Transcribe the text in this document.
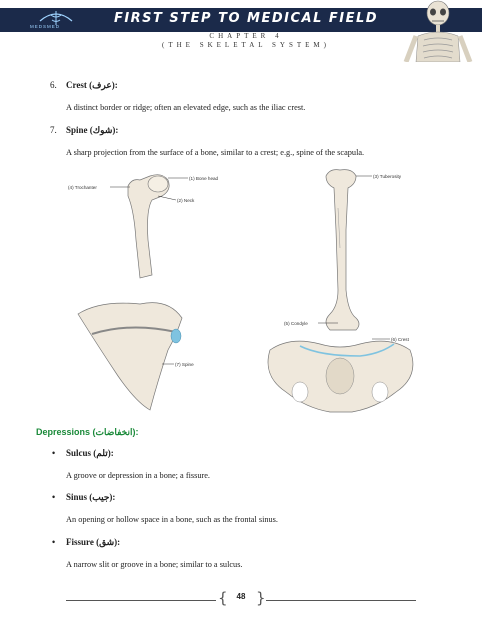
MEDSMED
FIRST STEP TO MEDICAL FIELD
CHAPTER 4
(THE SKELETAL SYSTEM)
6. Crest (عرف):
A distinct border or ridge; often an elevated edge, such as the iliac crest.
7. Spine (شوك):
A sharp projection from the surface of a bone, similar to a crest; e.g., spine of the scapula.
(1) Bone head
(2) Neck
(4) Trochanter
(3) Tuberosity
(5) Condyle
(7) Spine
(6) Crest
Depressions (انخفاضات):
• Sulcus (تلم):
A groove or depression in a bone; a fissure.
• Sinus (جيب):
An opening or hollow space in a bone, such as the frontal sinus.
• Fissure (شق):
A narrow slit or groove in a bone; similar to a sulcus.
{	48 }
